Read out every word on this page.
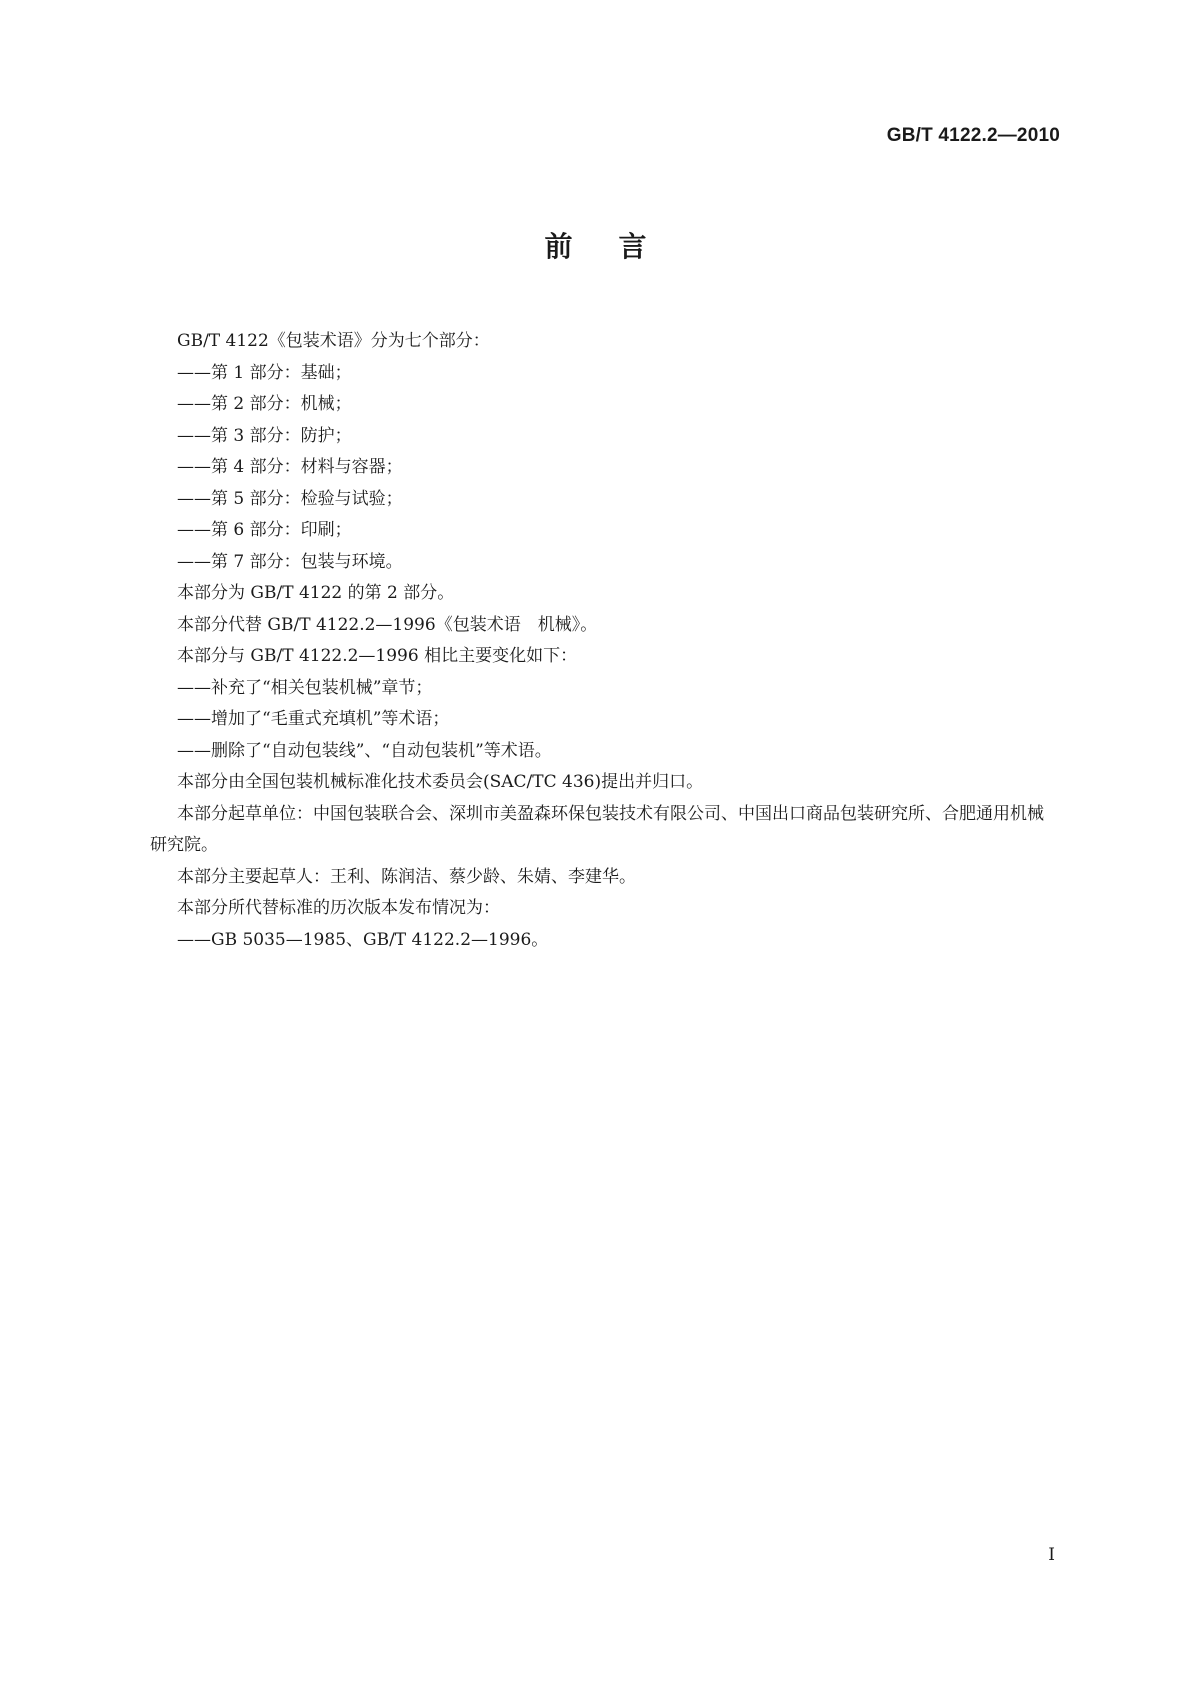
GB/T 4122.2—2010
前言

GB/T 4122《包装术语》分为七个部分：

——第 1 部分：基础；

——第 2 部分：机械；

——第 3 部分：防护；

——第 4 部分：材料与容器；

——第 5 部分：检验与试验；

——第 6 部分：印刷；

——第 7 部分：包装与环境。

本部分为 GB/T 4122 的第 2 部分。

本部分代替 GB/T 4122.2—1996《包装术语　机械》。

本部分与 GB/T 4122.2—1996 相比主要变化如下：

——补充了“相关包装机械”章节；

——增加了“毛重式充填机”等术语；

——删除了“自动包装线”、“自动包装机”等术语。

本部分由全国包装机械标准化技术委员会(SAC/TC 436)提出并归口。

本部分起草单位：中国包装联合会、深圳市美盈森环保包装技术有限公司、中国出口商品包装研究所、合肥通用机械研究院。

本部分主要起草人：王利、陈润洁、蔡少龄、朱婧、李建华。

本部分所代替标准的历次版本发布情况为：

——GB 5035—1985、GB/T 4122.2—1996。

I
